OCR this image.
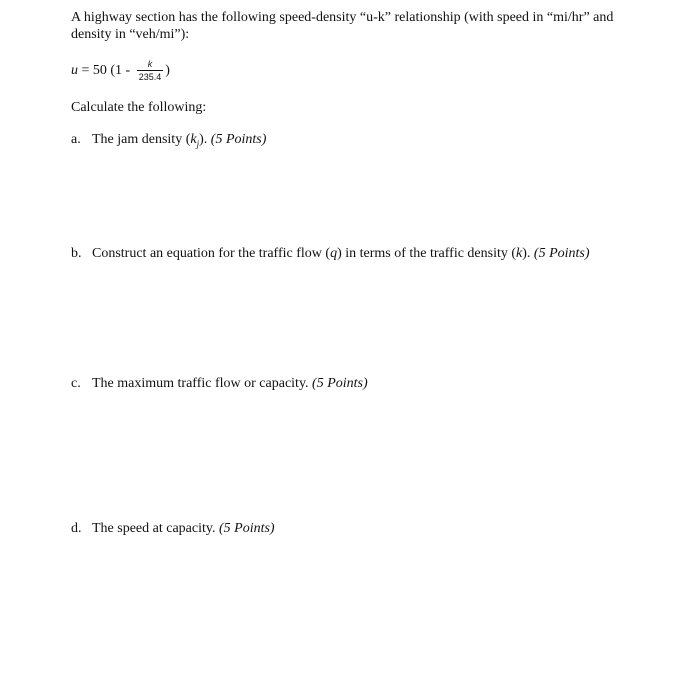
A highway section has the following speed-density “u-k” relationship (with speed in “mi/hr” and density in “veh/mi”):
u = 50 ($1 - \frac{k}{235.4}$ )
Calculate the following:
a. The jam density $(k_j)$. (5 Points)
b. Construct an equation for the traffic flow (q) in terms of the traffic density (k). (5 Points)
c. The maximum traffic flow or capacity. (5 Points)
d. The speed at capacity. (5 Points)
